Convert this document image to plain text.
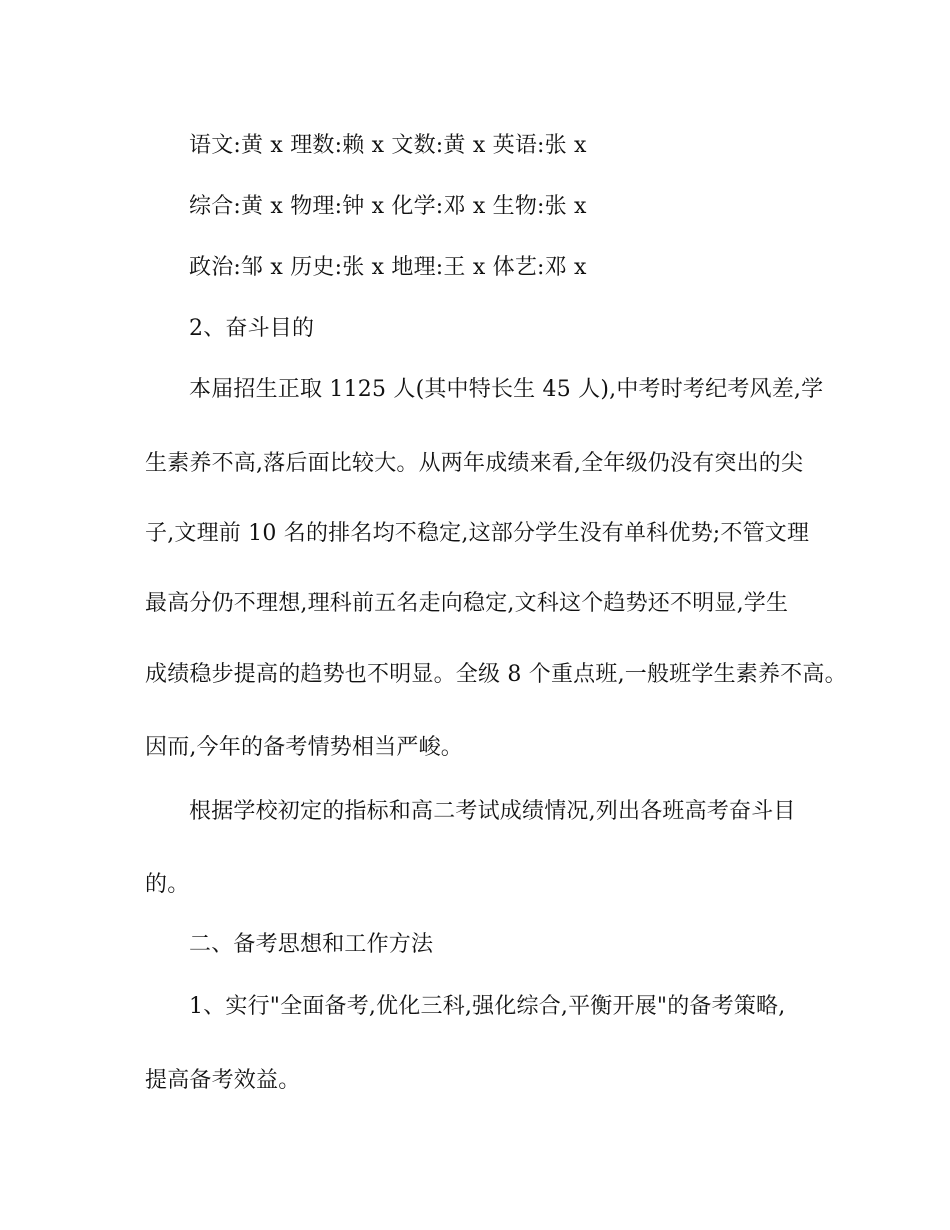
语文:黄 x 理数:赖 x 文数:黄 x 英语:张 x
综合:黄 x 物理:钟 x 化学:邓 x 生物:张 x
政治:邹 x 历史:张 x 地理:王 x 体艺:邓 x
2、奋斗目的
本届招生正取 1125 人(其中特长生 45 人),中考时考纪考风差,学
生素养不高,落后面比较大。从两年成绩来看,全年级仍没有突出的尖
子,文理前 10 名的排名均不稳定,这部分学生没有单科优势;不管文理
最高分仍不理想,理科前五名走向稳定,文科这个趋势还不明显,学生
成绩稳步提高的趋势也不明显。全级 8 个重点班,一般班学生素养不高。
因而,今年的备考情势相当严峻。
根据学校初定的指标和高二考试成绩情况,列出各班高考奋斗目
的。
二、备考思想和工作方法
1、实行"全面备考,优化三科,强化综合,平衡开展"的备考策略,
提高备考效益。
